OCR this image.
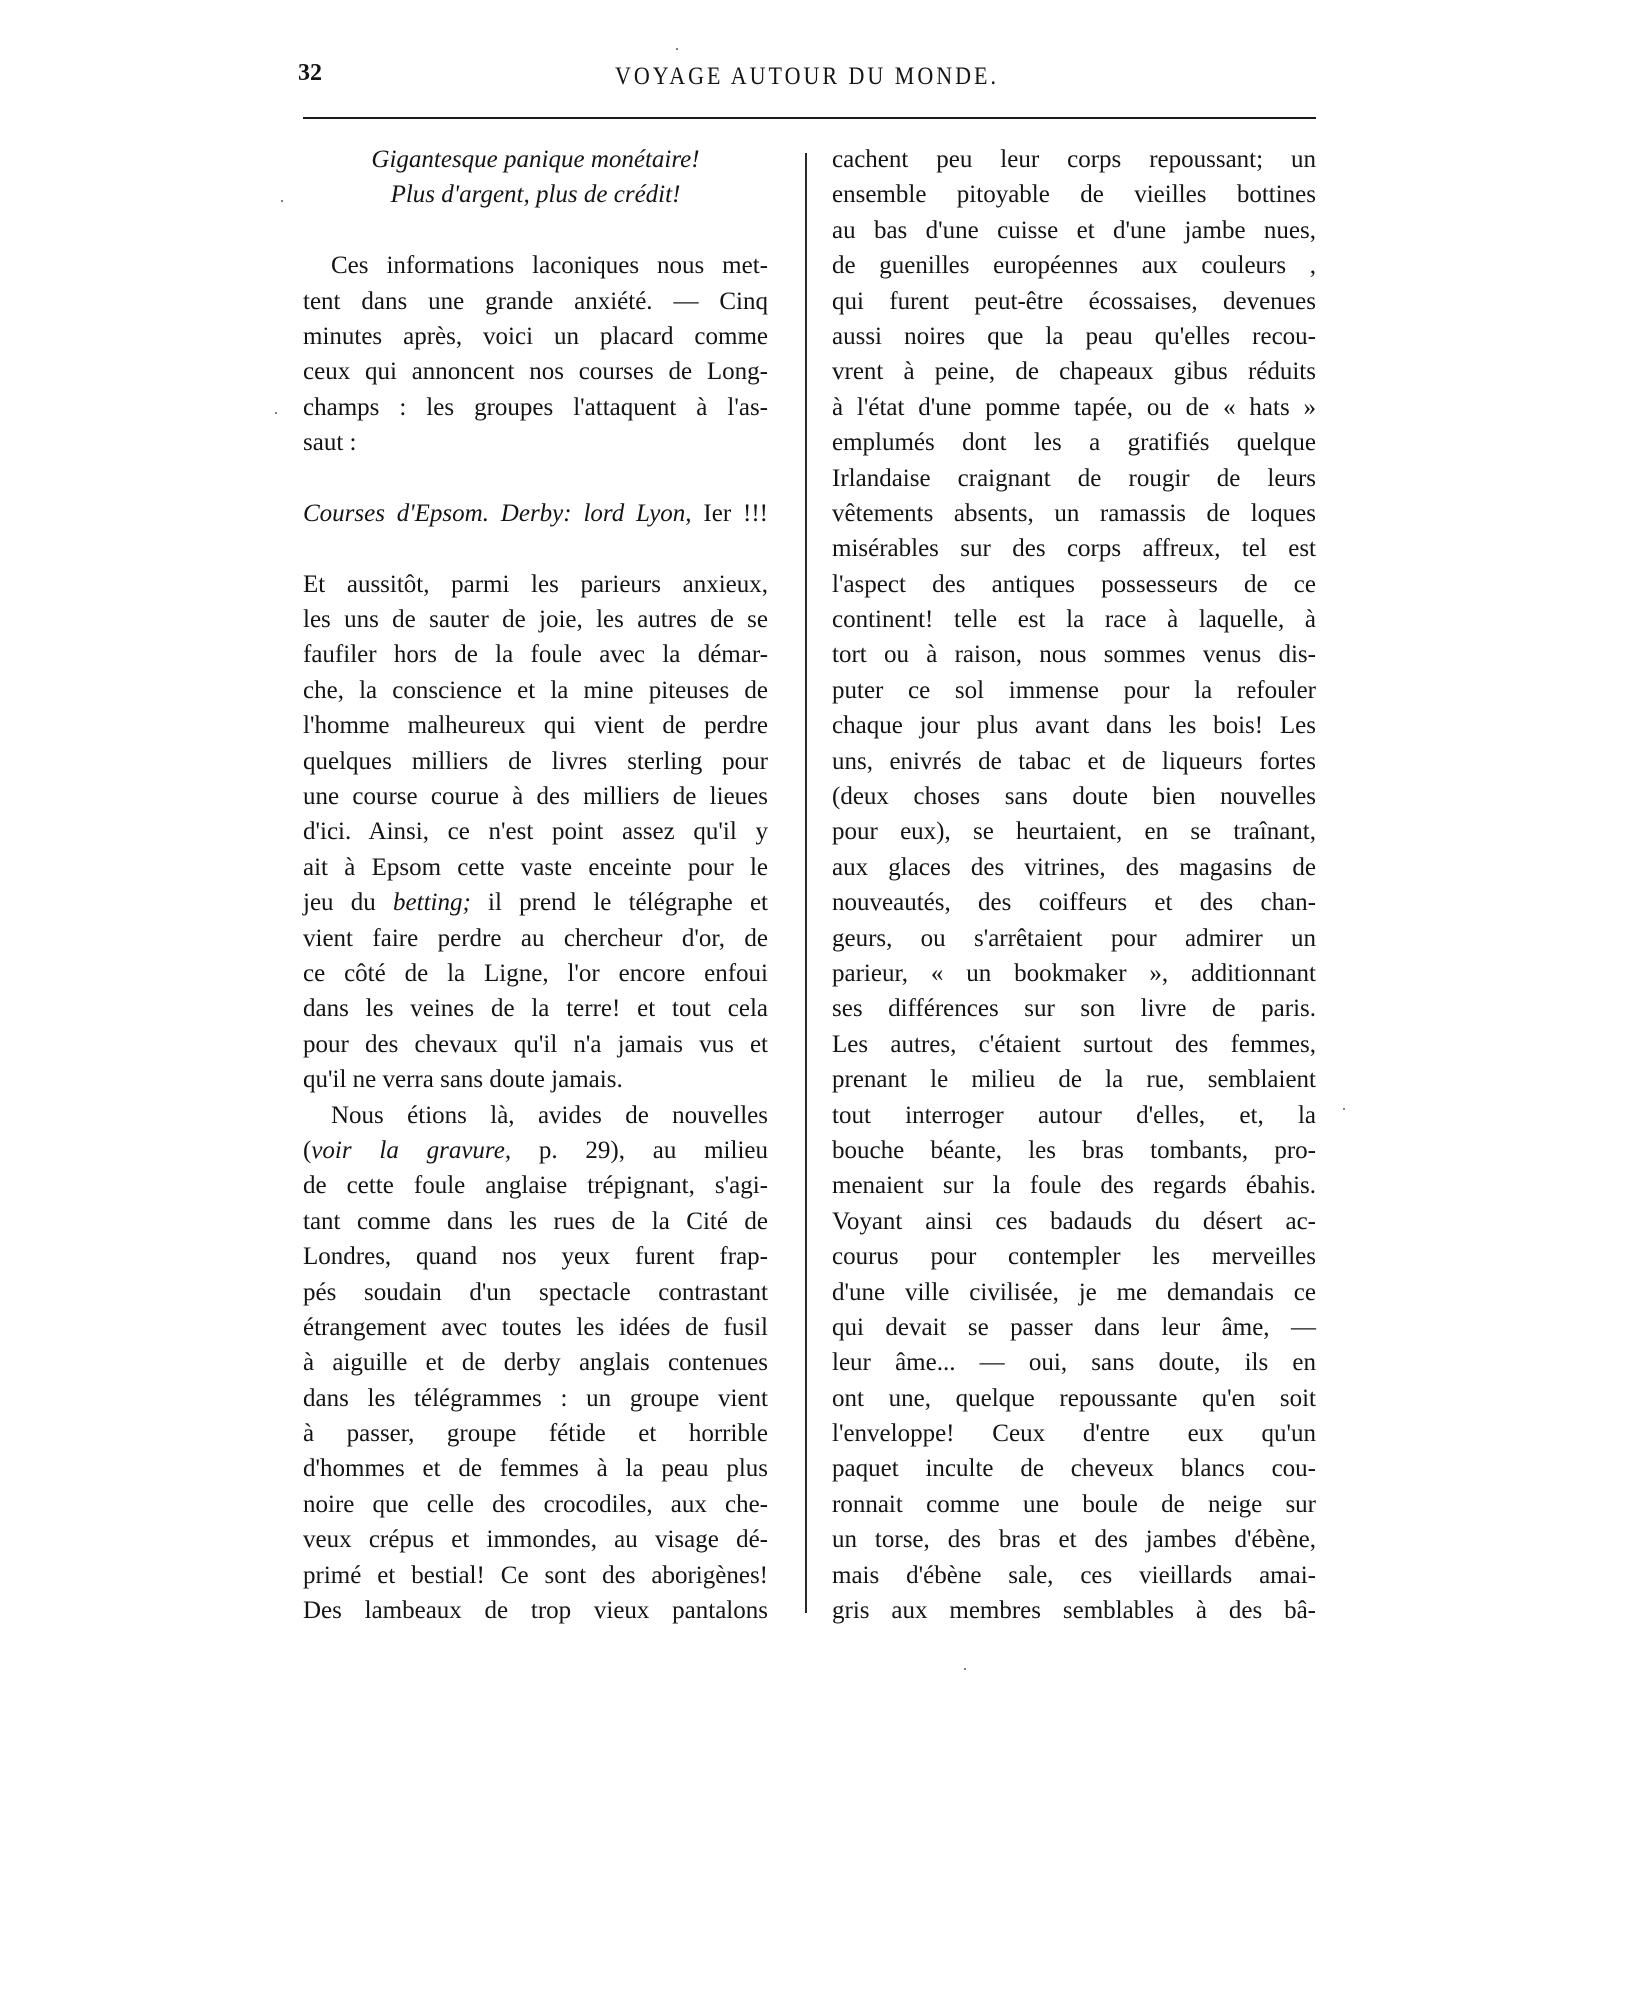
32	VOYAGE AUTOUR DU MONDE.
Gigantesque panique monétaire!
Plus d'argent, plus de crédit!
Ces informations laconiques nous met-
tent dans une grande anxiété. — Cinq
minutes après, voici un placard comme
ceux qui annoncent nos courses de Long-
champs : les groupes l'attaquent à l'as-
saut :
Courses d'Epsom. Derby: lord Lyon, Ier !!!
Et aussitôt, parmi les parieurs anxieux,
les uns de sauter de joie, les autres de se
faufiler hors de la foule avec la démar-
che, la conscience et la mine piteuses de
l'homme malheureux qui vient de perdre
quelques milliers de livres sterling pour
une course courue à des milliers de lieues
d'ici. Ainsi, ce n'est point assez qu'il y
ait à Epsom cette vaste enceinte pour le
jeu du betting; il prend le télégraphe et
vient faire perdre au chercheur d'or, de
ce côté de la Ligne, l'or encore enfoui
dans les veines de la terre! et tout cela
pour des chevaux qu'il n'a jamais vus et
qu'il ne verra sans doute jamais.
Nous étions là, avides de nouvelles
(voir la gravure, p. 29), au milieu
de cette foule anglaise trépignant, s'agi-
tant comme dans les rues de la Cité de
Londres, quand nos yeux furent frap-
pés soudain d'un spectacle contrastant
étrangement avec toutes les idées de fusil
à aiguille et de derby anglais contenues
dans les télégrammes : un groupe vient
à passer, groupe fétide et horrible
d'hommes et de femmes à la peau plus
noire que celle des crocodiles, aux che-
veux crépus et immondes, au visage dé-
primé et bestial! Ce sont des aborigènes!
Des lambeaux de trop vieux pantalons
cachent peu leur corps repoussant; un
ensemble pitoyable de vieilles bottines
au bas d'une cuisse et d'une jambe nues,
de guenilles européennes aux couleurs ,
qui furent peut-être écossaises, devenues
aussi noires que la peau qu'elles recou-
vrent à peine, de chapeaux gibus réduits
à l'état d'une pomme tapée, ou de « hats »
emplumés dont les a gratifiés quelque
Irlandaise craignant de rougir de leurs
vêtements absents, un ramassis de loques
misérables sur des corps affreux, tel est
l'aspect des antiques possesseurs de ce
continent! telle est la race à laquelle, à
tort ou à raison, nous sommes venus dis-
puter ce sol immense pour la refouler
chaque jour plus avant dans les bois! Les
uns, enivrés de tabac et de liqueurs fortes
(deux choses sans doute bien nouvelles
pour eux), se heurtaient, en se traînant,
aux glaces des vitrines, des magasins de
nouveautés, des coiffeurs et des chan-
geurs, ou s'arrêtaient pour admirer un
parieur, « un bookmaker », additionnant
ses différences sur son livre de paris.
Les autres, c'étaient surtout des femmes,
prenant le milieu de la rue, semblaient
tout interroger autour d'elles, et, la
bouche béante, les bras tombants, pro-
menaient sur la foule des regards ébahis.
Voyant ainsi ces badauds du désert ac-
courus pour contempler les merveilles
d'une ville civilisée, je me demandais ce
qui devait se passer dans leur âme, —
leur âme... — oui, sans doute, ils en
ont une, quelque repoussante qu'en soit
l'enveloppe! Ceux d'entre eux qu'un
paquet inculte de cheveux blancs cou-
ronnait comme une boule de neige sur
un torse, des bras et des jambes d'ébène,
mais d'ébène sale, ces vieillards amai-
gris aux membres semblables à des bâ-
